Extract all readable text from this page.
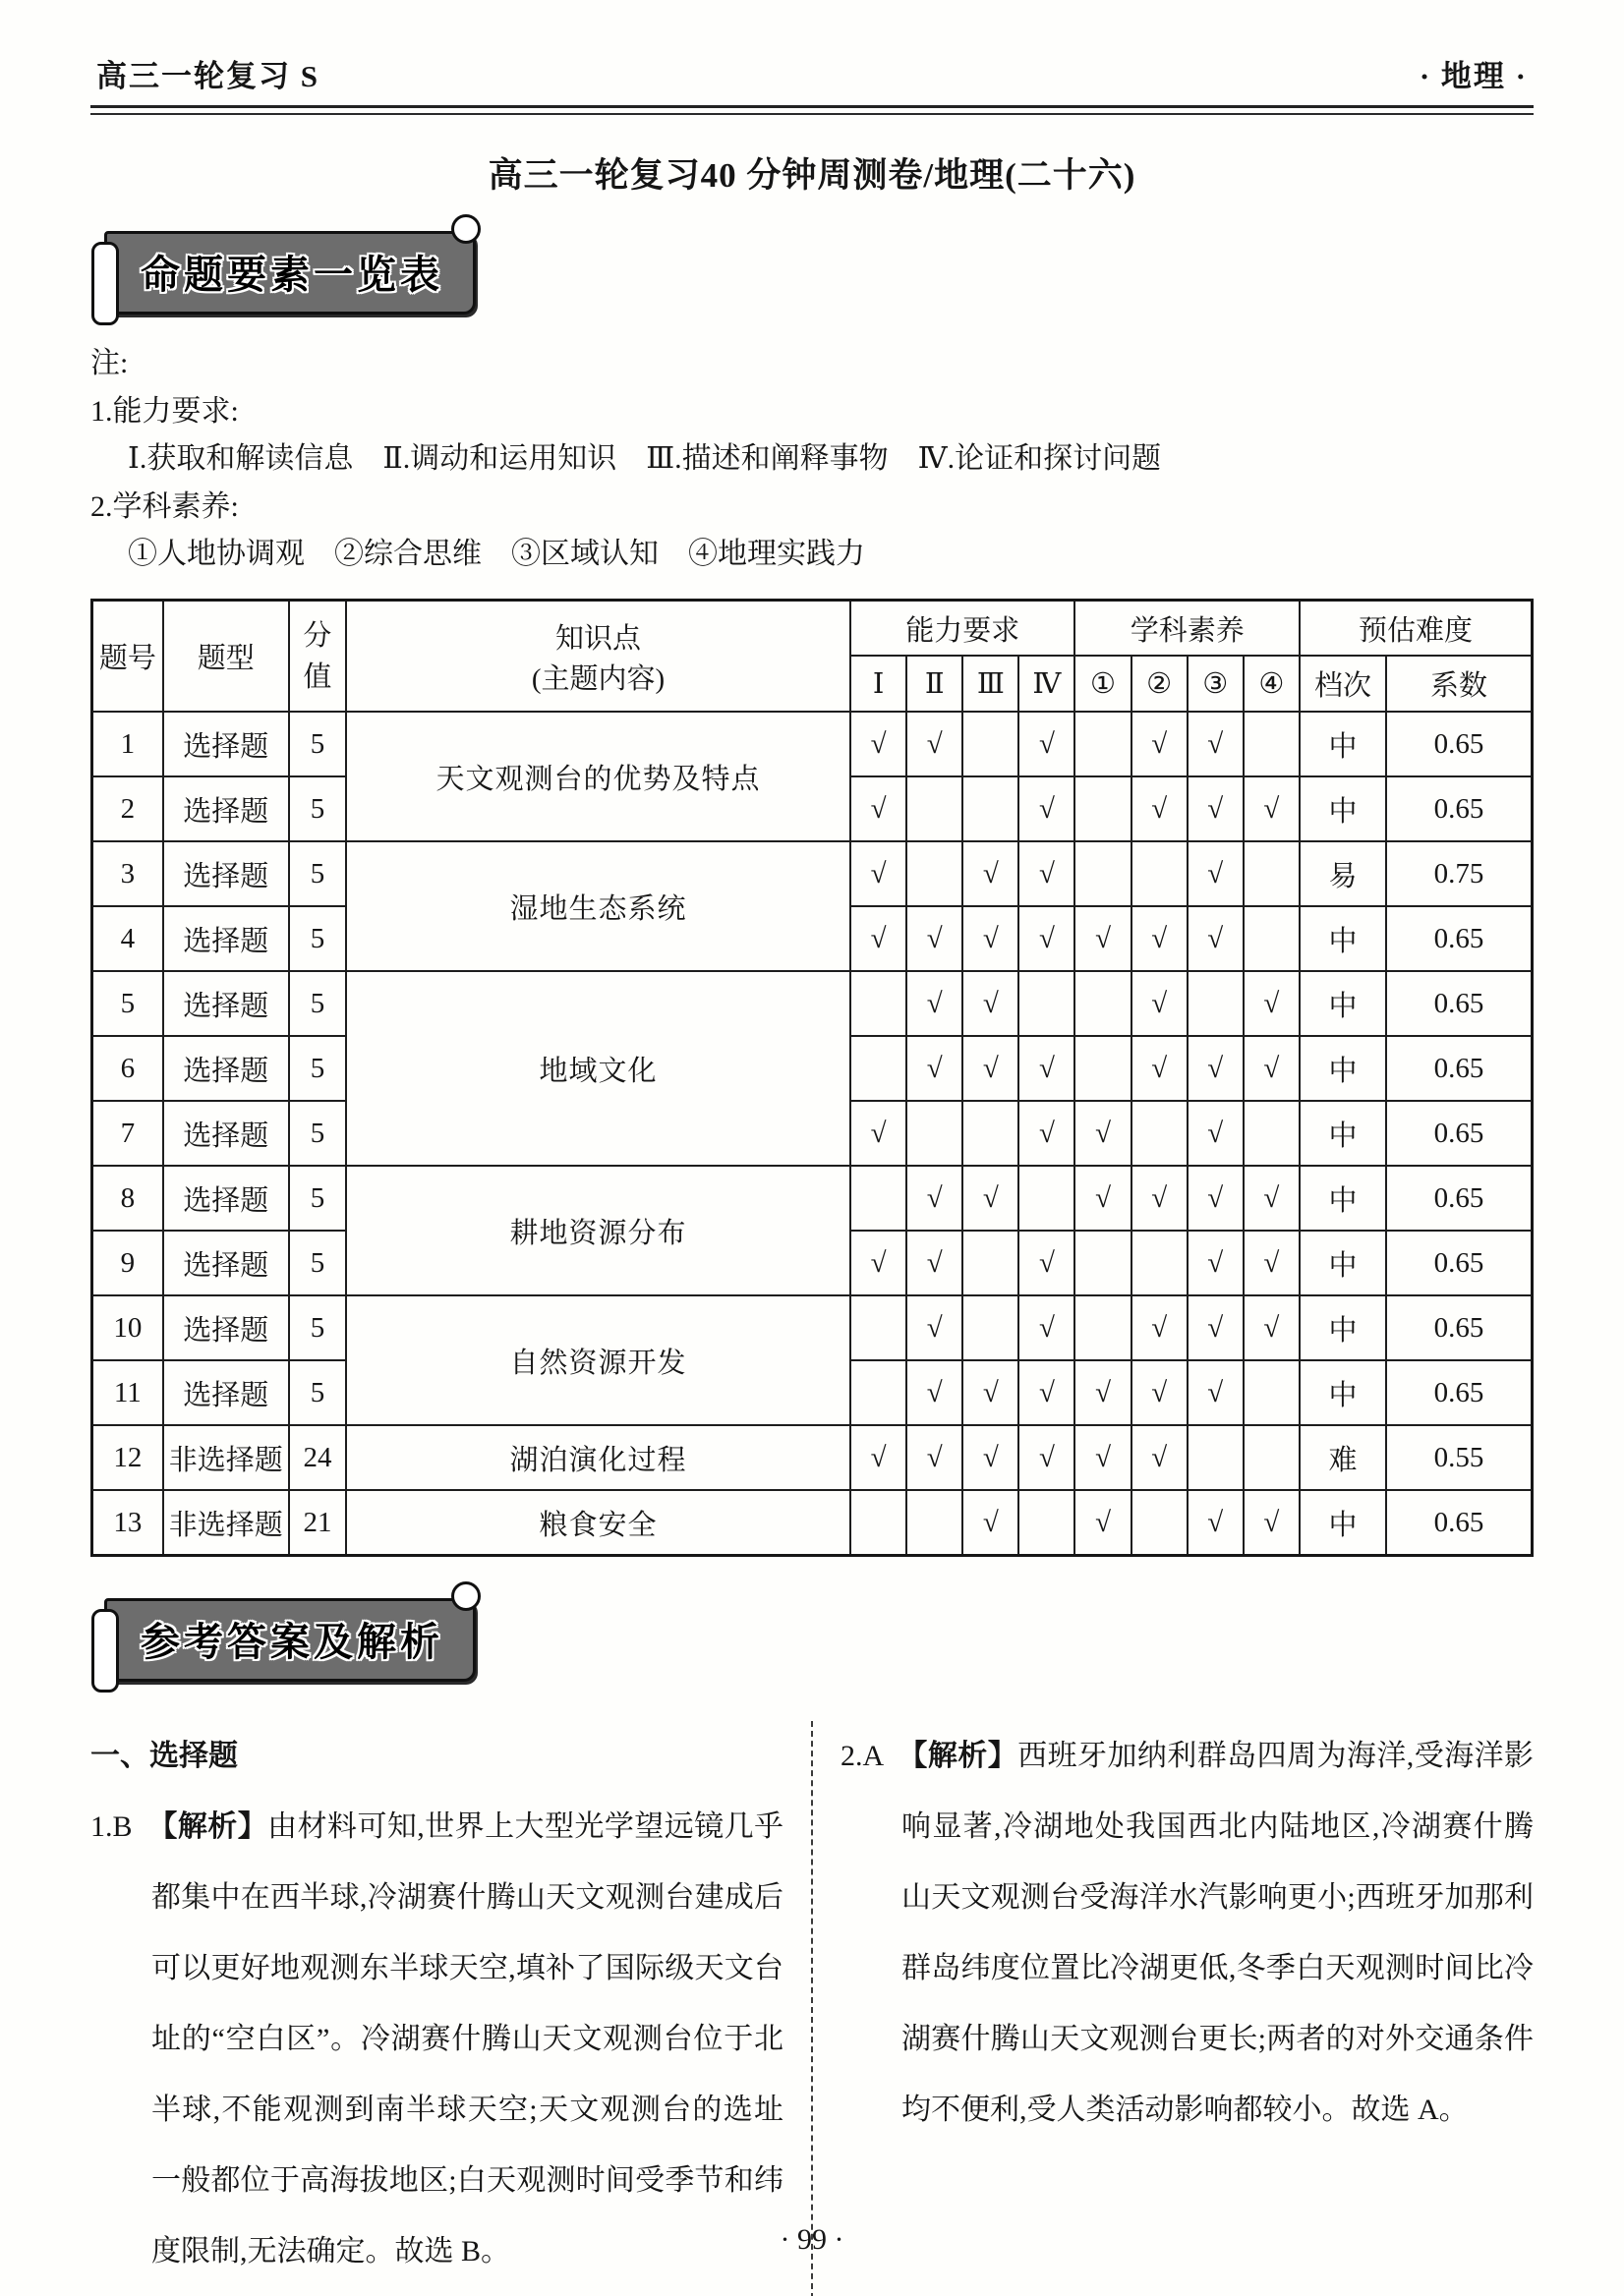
高三一轮复习 S	· 地理 ·
高三一轮复习40 分钟周测卷/地理(二十六)
命题要素一览表
注:
1.能力要求:
Ⅰ.获取和解读信息　Ⅱ.调动和运用知识　Ⅲ.描述和阐释事物　Ⅳ.论证和探讨问题
2.学科素养:
①人地协调观　②综合思维　③区域认知　④地理实践力
题号	题型	分值	知识点
(主题内容)	能力要求				学科素养				预估难度	
				Ⅰ	Ⅱ	Ⅲ	Ⅳ	①	②	③	④	档次	系数
1	选择题	5	天文观测台的优势及特点	√	√		√		√	√		中	0.65
2	选择题	5		√			√		√	√	√	中	0.65
3	选择题	5	湿地生态系统	√		√	√			√		易	0.75
4	选择题	5		√	√	√	√	√	√	√		中	0.65
5	选择题	5	地域文化		√	√			√		√	中	0.65
6	选择题	5			√	√	√		√	√	√	中	0.65
7	选择题	5		√			√	√		√		中	0.65
8	选择题	5	耕地资源分布		√	√		√	√	√	√	中	0.65
9	选择题	5		√	√		√			√	√	中	0.65
10	选择题	5	自然资源开发		√		√		√	√	√	中	0.65
11	选择题	5			√	√	√	√	√	√		中	0.65
12	非选择题	24	湖泊演化过程	√	√	√	√	√	√			难	0.55
13	非选择题	21	粮食安全			√		√		√	√	中	0.65
参考答案及解析
一、选择题

1.B　【解析】由材料可知,世界上大型光学望远镜几乎都集中在西半球,冷湖赛什腾山天文观测台建成后可以更好地观测东半球天空,填补了国际级天文台址的“空白区”。冷湖赛什腾山天文观测台位于北半球,不能观测到南半球天空;天文观测台的选址一般都位于高海拔地区;白天观测时间受季节和纬度限制,无法确定。故选 B。

2.A　【解析】西班牙加纳利群岛四周为海洋,受海洋影响显著,冷湖地处我国西北内陆地区,冷湖赛什腾山天文观测台受海洋水汽影响更小;西班牙加那利群岛纬度位置比冷湖更低,冬季白天观测时间比冷湖赛什腾山天文观测台更长;两者的对外交通条件均不便利,受人类活动影响都较小。故选 A。

· 99 ·
